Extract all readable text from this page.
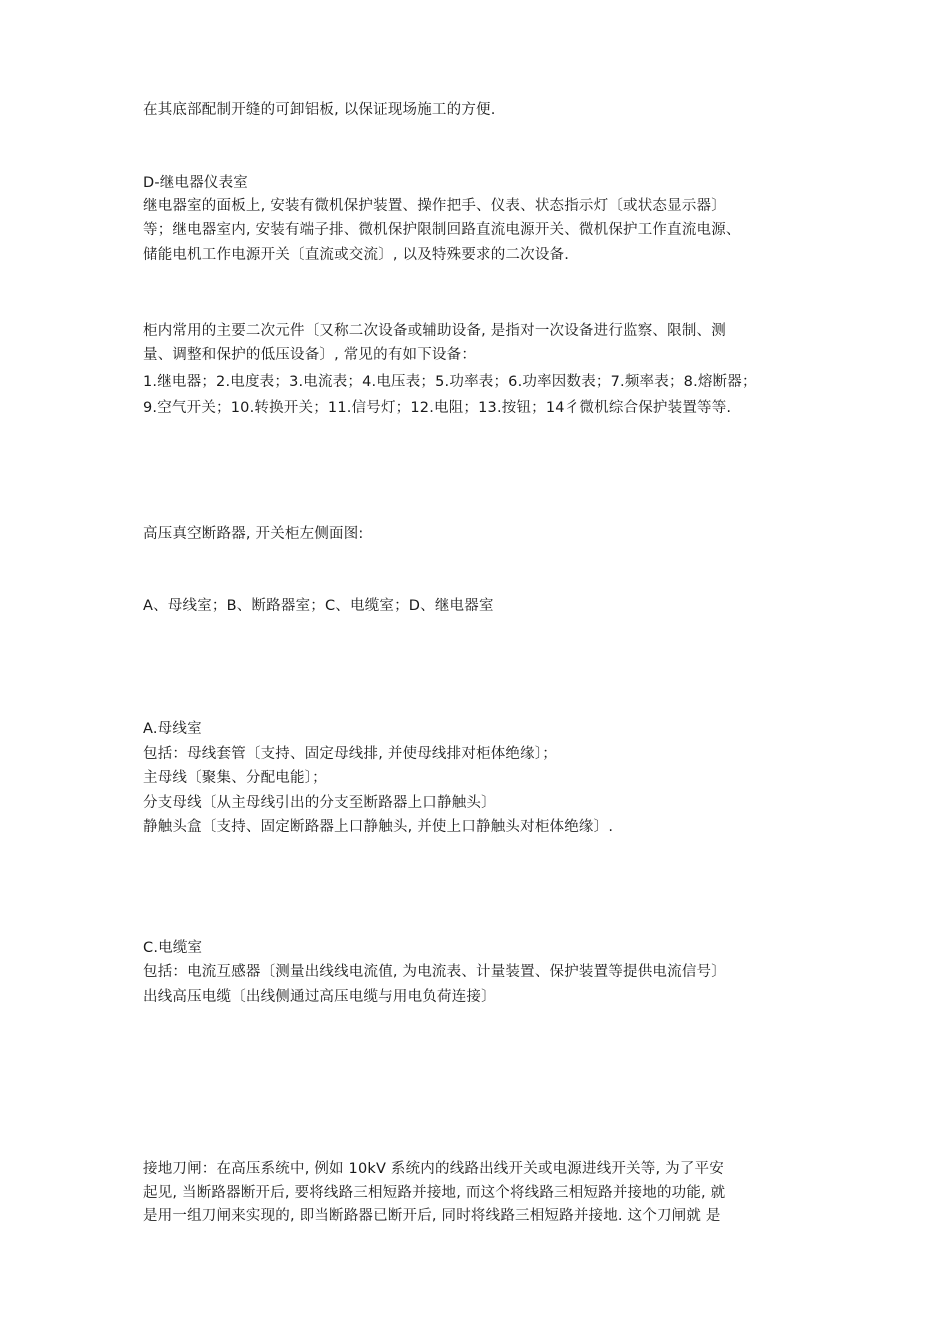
在其底部配制开缝的可卸铝板, 以保证现场施工的方便.
D-继电器仪表室
继电器室的面板上, 安装有微机保护装置、操作把手、仪表、状态指示灯〔或状态显示器〕
等；继电器室内, 安装有端子排、微机保护限制回路直流电源开关、微机保护工作直流电源、
储能电机工作电源开关〔直流或交流〕, 以及特殊要求的二次设备.
柜内常用的主要二次元件〔又称二次设备或辅助设备, 是指对一次设备进行监察、限制、测
量、调整和保护的低压设备〕, 常见的有如下设备：
1.继电器；2.电度表；3.电流表；4.电压表；5.功率表；6.功率因数表；7.频率表；8.熔断器；
9.空气开关；10.转换开关；11.信号灯；12.电阻；13.按钮；14彳微机综合保护装置等等.
高压真空断路器, 开关柜左侧面图:
A、母线室；B、断路器室；C、电缆室；D、继电器室
A.母线室
包括：母线套管〔支持、固定母线排, 并使母线排对柜体绝缘〕；
主母线〔聚集、分配电能〕；
分支母线〔从主母线引出的分支至断路器上口静触头〕
静触头盒〔支持、固定断路器上口静触头, 并使上口静触头对柜体绝缘〕.
C.电缆室
包括：电流互感器〔测量出线线电流值, 为电流表、计量装置、保护装置等提供电流信号〕
出线高压电缆〔出线侧通过高压电缆与用电负荷连接〕
接地刀闸：在高压系统中, 例如 10kV 系统内的线路出线开关或电源进线开关等, 为了平安
起见, 当断路器断开后, 要将线路三相短路并接地, 而这个将线路三相短路并接地的功能, 就
是用一组刀闸来实现的, 即当断路器已断开后, 同时将线路三相短路并接地. 这个刀闸就 是
